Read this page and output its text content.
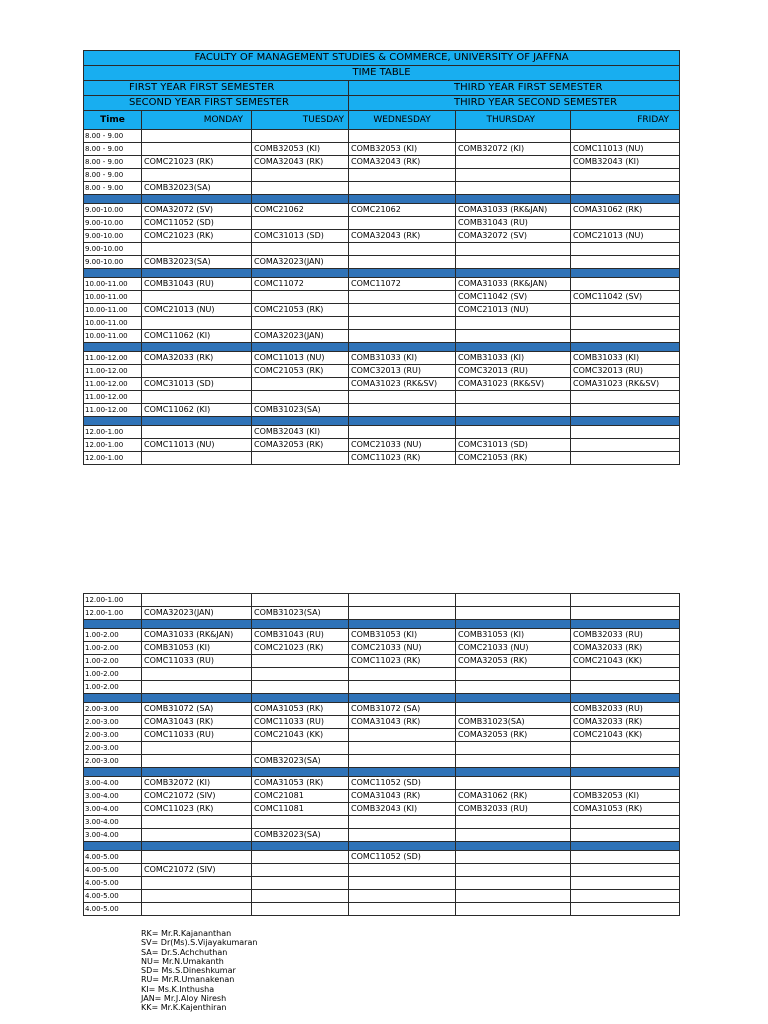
FACULTY OF MANAGEMENT STUDIES & COMMERCE, UNIVERSITY OF JAFFNA					
TIME TABLE					
FIRST YEAR FIRST SEMESTER			THIRD YEAR FIRST SEMESTER		
SECOND YEAR FIRST SEMESTER			THIRD YEAR SECOND SEMESTER		
Time	MONDAY	TUESDAY	WEDNESDAY	THURSDAY	FRIDAY
8.00 - 9.00					
8.00 - 9.00		COMB32053 (KI)	COMB32053 (KI)	COMB32072 (KI)	COMC11013 (NU)
8.00 - 9.00	COMC21023 (RK)	COMA32043 (RK)	COMA32043 (RK)		COMB32043 (KI)
8.00 - 9.00					
8.00 - 9.00	COMB32023(SA)				

9.00-10.00	COMA32072 (SV)	COMC21062	COMC21062	COMA31033 (RK&JAN)	COMA31062 (RK)
9.00-10.00	COMC11052 (SD)			COMB31043 (RU)	
9.00-10.00	COMC21023 (RK)	COMC31013 (SD)	COMA32043 (RK)	COMA32072 (SV)	COMC21013 (NU)
9.00-10.00					
9.00-10.00	COMB32023(SA)	COMA32023(JAN)			

10.00-11.00	COMB31043 (RU)	COMC11072	COMC11072	COMA31033 (RK&JAN)	
10.00-11.00				COMC11042 (SV)	COMC11042 (SV)
10.00-11.00	COMC21013 (NU)	COMC21053 (RK)		COMC21013 (NU)	
10.00-11.00					
10.00-11.00	COMC11062 (KI)	COMA32023(JAN)			

11.00-12.00	COMA32033 (RK)	COMC11013 (NU)	COMB31033 (KI)	COMB31033 (KI)	COMB31033 (KI)
11.00-12.00		COMC21053 (RK)	COMC32013 (RU)	COMC32013 (RU)	COMC32013 (RU)
11.00-12.00	COMC31013 (SD)		COMA31023 (RK&SV)	COMA31023 (RK&SV)	COMA31023 (RK&SV)
11.00-12.00					
11.00-12.00	COMC11062 (KI)	COMB31023(SA)			

12.00-1.00		COMB32043 (KI)			
12.00-1.00	COMC11013 (NU)	COMA32053 (RK)	COMC21033 (NU)	COMC31013 (SD)	
12.00-1.00			COMC11023 (RK)	COMC21053 (RK)	
12.00-1.00					
12.00-1.00	COMA32023(JAN)	COMB31023(SA)			

1.00-2.00	COMA31033 (RK&JAN)	COMB31043 (RU)	COMB31053 (KI)	COMB31053 (KI)	COMB32033 (RU)
1.00-2.00	COMB31053 (KI)	COMC21023 (RK)	COMC21033 (NU)	COMC21033 (NU)	COMA32033 (RK)
1.00-2.00	COMC11033 (RU)		COMC11023 (RK)	COMA32053 (RK)	COMC21043 (KK)
1.00-2.00					
1.00-2.00					

2.00-3.00	COMB31072 (SA)	COMA31053 (RK)	COMB31072 (SA)		COMB32033 (RU)
2.00-3.00	COMA31043 (RK)	COMC11033 (RU)	COMA31043 (RK)	COMB31023(SA)	COMA32033 (RK)
2.00-3.00	COMC11033 (RU)	COMC21043 (KK)		COMA32053 (RK)	COMC21043 (KK)
2.00-3.00					
2.00-3.00		COMB32023(SA)			

3.00-4.00	COMB32072 (KI)	COMA31053 (RK)	COMC11052 (SD)		
3.00-4.00	COMC21072 (SIV)	COMC21081	COMA31043 (RK)	COMA31062 (RK)	COMB32053 (KI)
3.00-4.00	COMC11023 (RK)	COMC11081	COMB32043 (KI)	COMB32033 (RU)	COMA31053 (RK)
3.00-4.00					
3.00-4.00		COMB32023(SA)			

4.00-5.00			COMC11052 (SD)		
4.00-5.00	COMC21072 (SIV)				
4.00-5.00					
4.00-5.00					
4.00-5.00					
RK= Mr.R.Kajananthan
SV= Dr(Ms).S.Vijayakumaran
SA= Dr.S.Achchuthan
NU= Mr.N.Umakanth
SD= Ms.S.Dineshkumar
RU= Mr.R.Umanakenan
KI= Ms.K.Inthusha
JAN= Mr.J.Aloy Niresh
KK= Mr.K.Kajenthiran
